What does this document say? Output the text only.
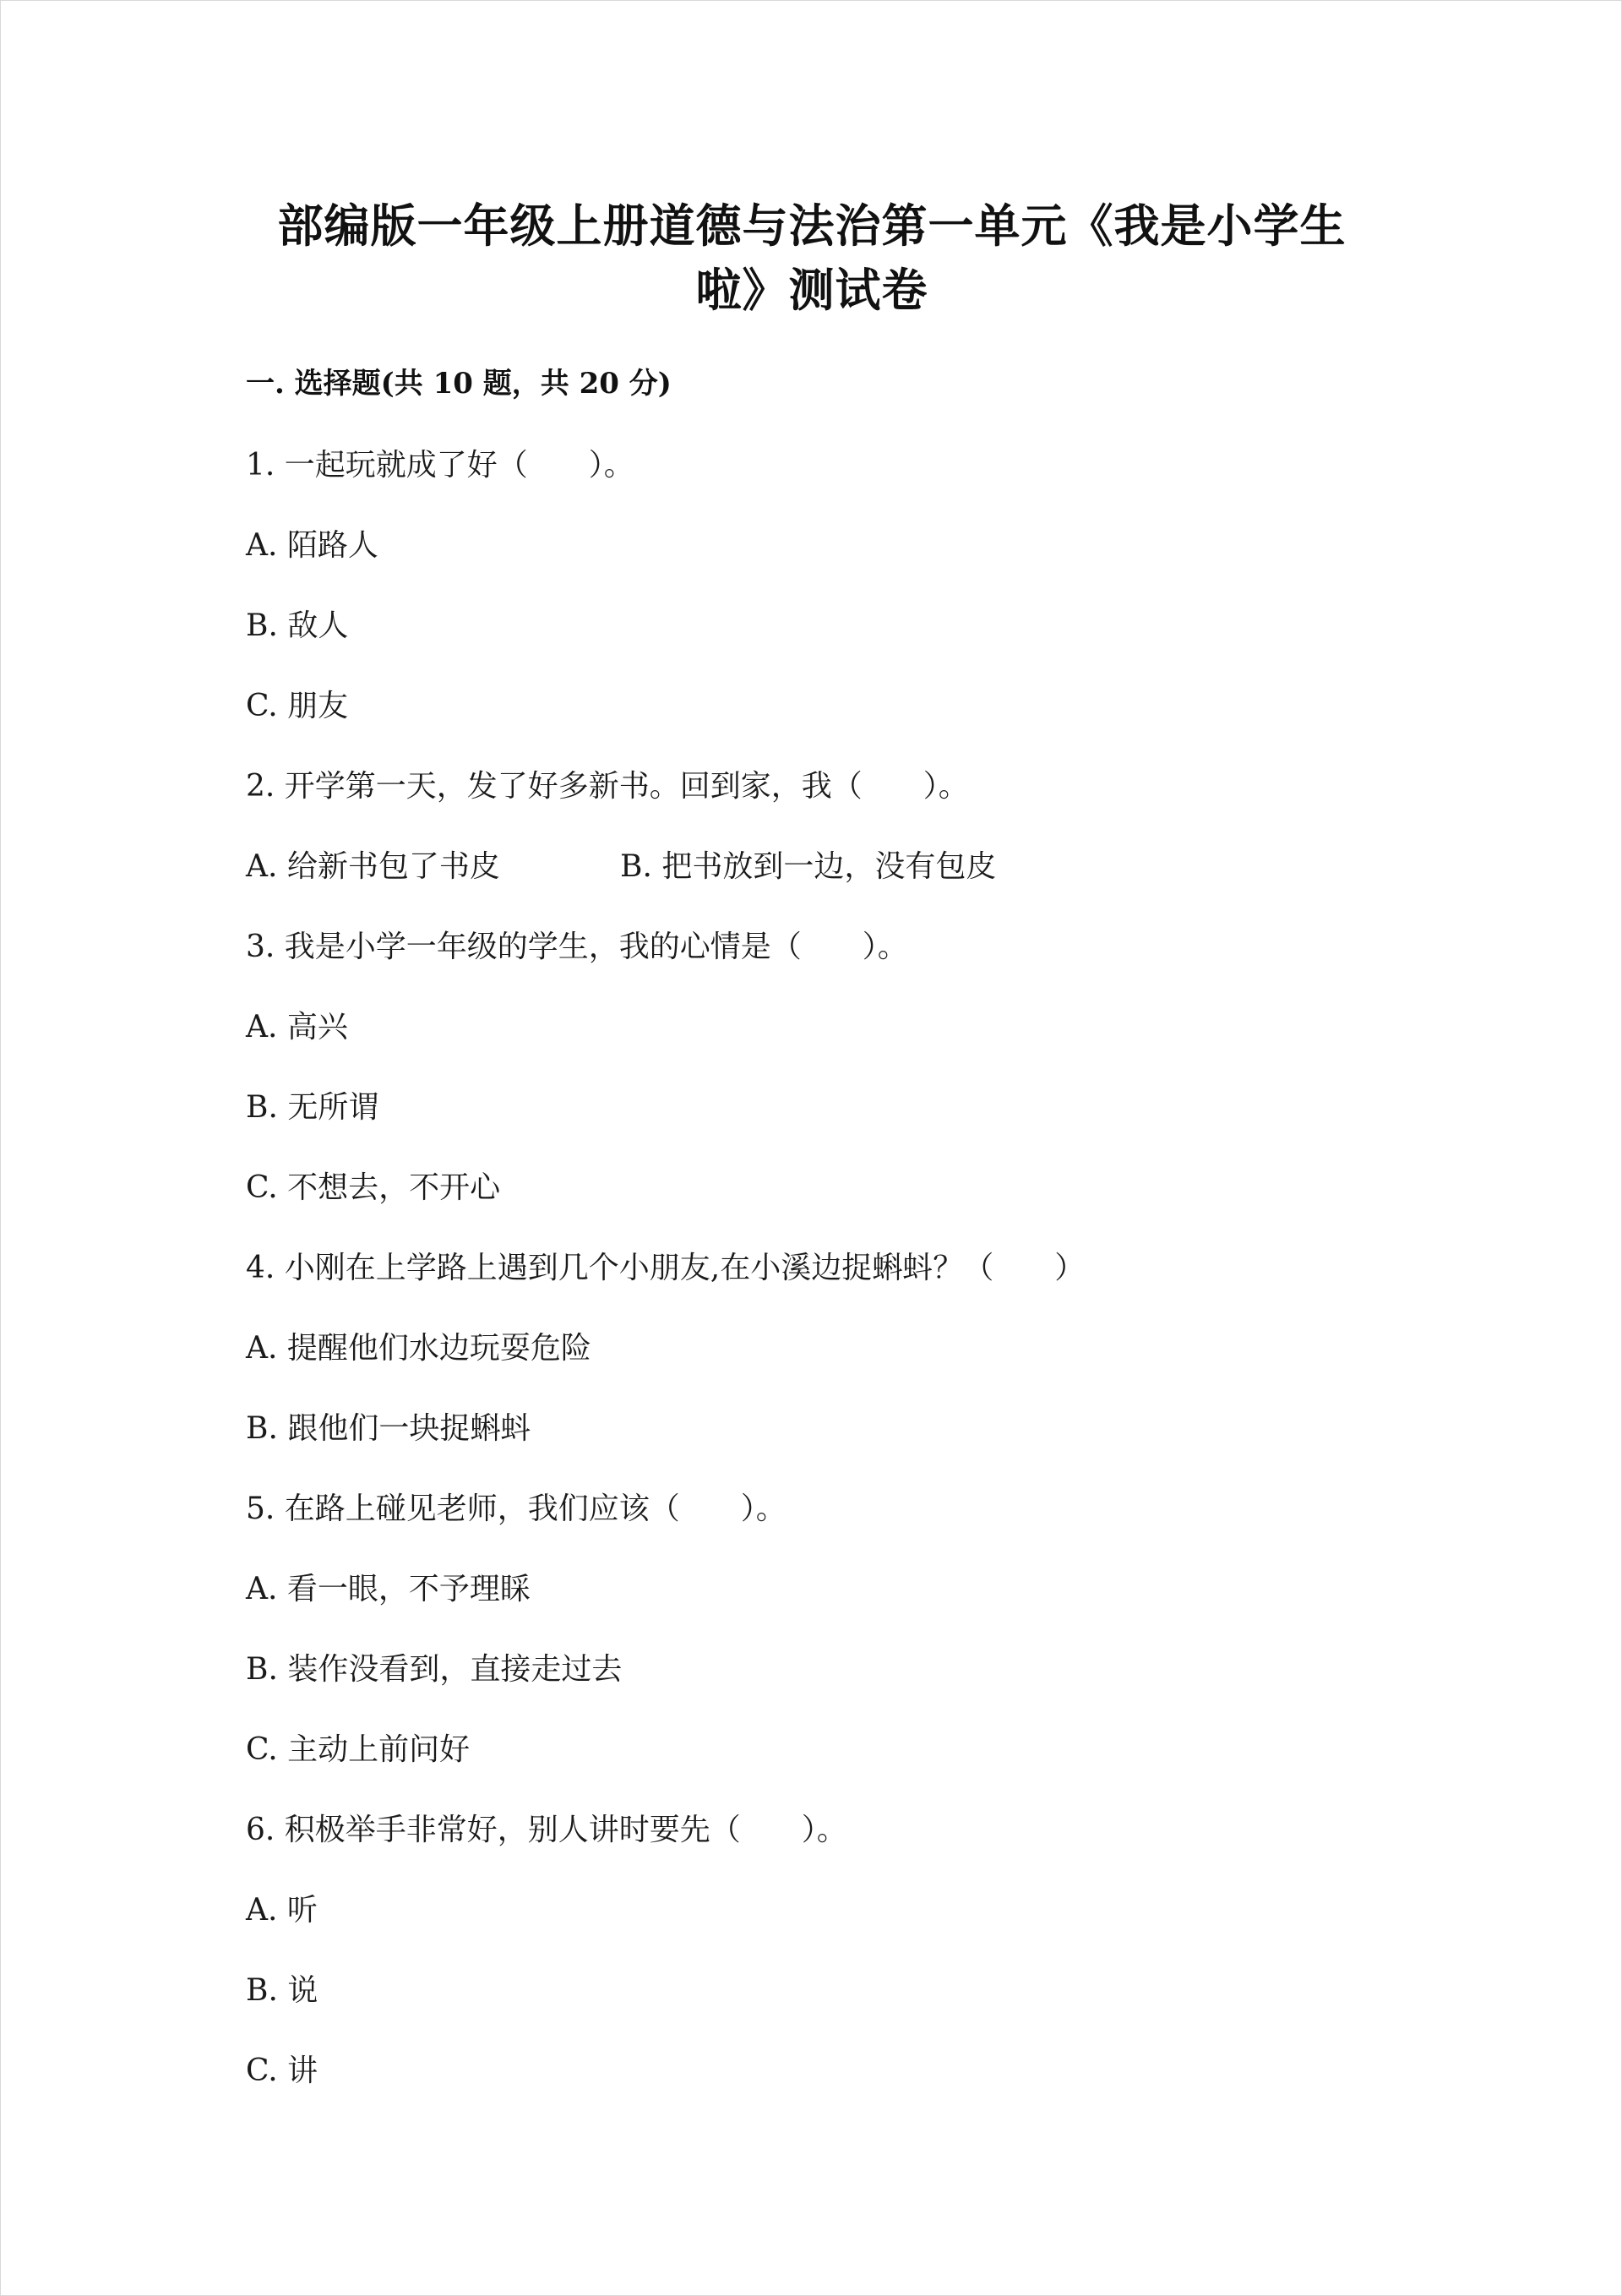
部编版一年级上册道德与法治第一单元《我是小学生啦》测试卷
一. 选择题(共 10 题，共 20 分)
1. 一起玩就成了好（　　）。
A. 陌路人
B. 敌人
C. 朋友
2. 开学第一天，发了好多新书。回到家，我（　　）。
A. 给新书包了书皮	B. 把书放到一边，没有包皮
3. 我是小学一年级的学生，我的心情是（　　）。
A. 高兴
B. 无所谓
C. 不想去，不开心
4. 小刚在上学路上遇到几个小朋友,在小溪边捉蝌蚪？（　　）
A. 提醒他们水边玩耍危险
B. 跟他们一块捉蝌蚪
5. 在路上碰见老师，我们应该（　　）。
A. 看一眼，不予理睬
B. 装作没看到，直接走过去
C. 主动上前问好
6. 积极举手非常好，别人讲时要先（　　）。
A. 听
B. 说
C. 讲
